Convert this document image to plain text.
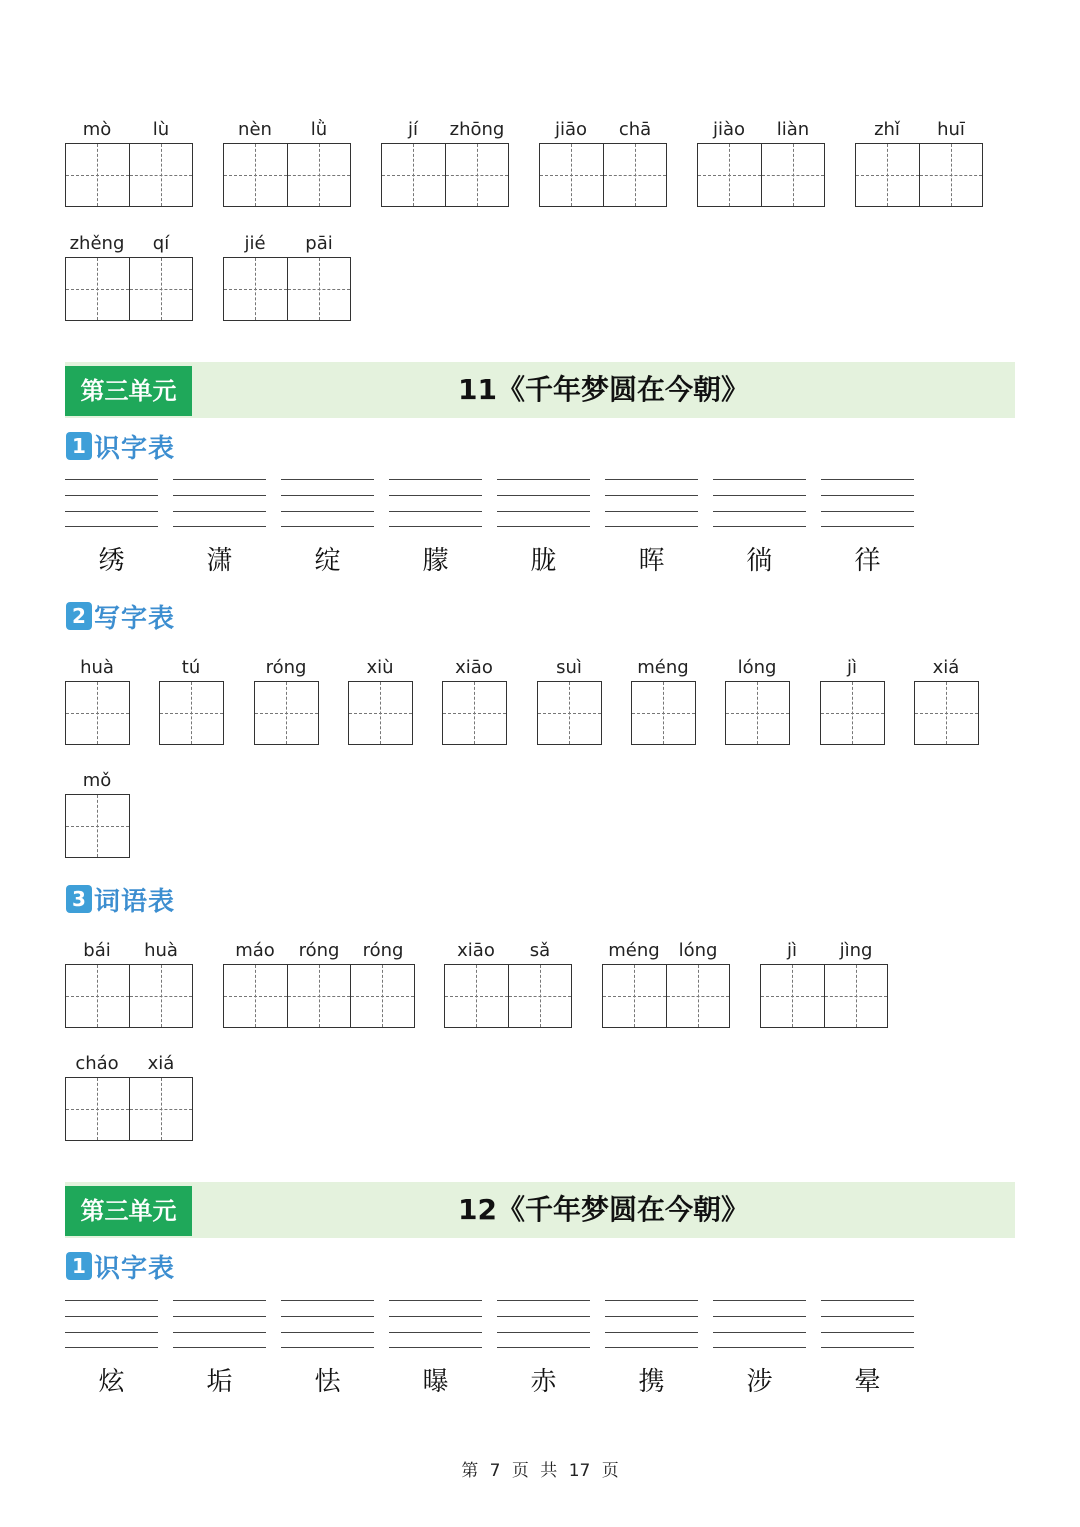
mò	lù	nèn	lǜ	jí	zhōng	jiāo	chā	jiào	liàn	zhǐ	huī
zhěng	qí	jié	pāi
第三单元	11《千年梦圆在今朝》
1 识字表
绣	潇	绽	朦	胧	晖	徜	徉
2 写字表
huà	tú	róng	xiù	xiāo	suì	méng	lóng	jì	xiá
mǒ
3 词语表
bái	huà	máo	róng	róng	xiāo	sǎ	méng	lóng	jì	jìng
cháo	xiá
第三单元	12《千年梦圆在今朝》
1 识字表
炫	垢	怯	曝	赤	携	涉	晕
第 7 页 共 17 页
